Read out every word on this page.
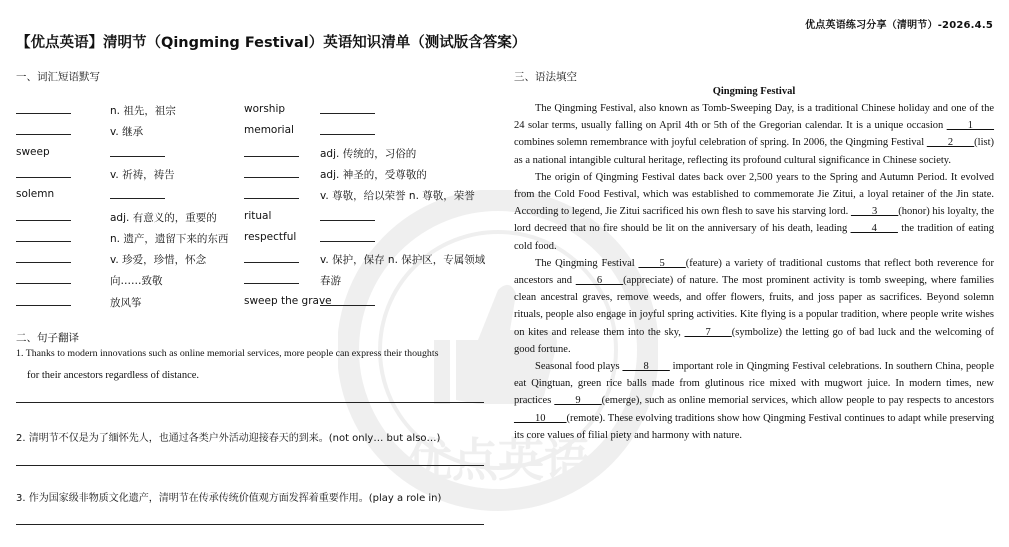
优点英语
优点英语练习分享（清明节）-2026.4.5
【优点英语】清明节（Qingming Festival）英语知识清单（测试版含答案）
一、词汇短语默写
n. 祖先，祖宗	worship
v. 继承	memorial
sweep	adj. 传统的，习俗的
v. 祈祷，祷告	adj. 神圣的，受尊敬的
solemn	v. 尊敬，给以荣誉 n. 尊敬，荣誉
adj. 有意义的，重要的	ritual
n. 遗产，遗留下来的东西 respectful
v. 珍爱，珍惜，怀念	v. 保护，保存 n. 保护区，专属领域
向……致敬	春游
放风筝	sweep the grave
二、句子翻译
1. Thanks to modern innovations such as online memorial services, more people can express their thoughts
for their ancestors regardless of distance.
2. 清明节不仅是为了缅怀先人，也通过各类户外活动迎接春天的到来。(not only… but also…)
3. 作为国家级非物质文化遗产，清明节在传承传统价值观方面发挥着重要作用。(play a role in)
三、语法填空
Qingming Festival

The Qingming Festival, also known as Tomb-Sweeping Day, is a traditional Chinese holiday and one of the 24 solar terms, usually falling on April 4th or 5th of the Gregorian calendar. It is a unique occasion ____1____ combines solemn remembrance with joyful celebration of spring. In 2006, the Qingming Festival ____2____(list) as a national intangible cultural heritage, reflecting its profound cultural significance in Chinese society.

The origin of Qingming Festival dates back over 2,500 years to the Spring and Autumn Period. It evolved from the Cold Food Festival, which was established to commemorate Jie Zitui, a loyal retainer of the Jin state. According to legend, Jie Zitui sacrificed his own flesh to save his starving lord. ____3____(honor) his loyalty, the lord decreed that no fire should be lit on the anniversary of his death, leading ____4____ the tradition of eating cold food.

The Qingming Festival ____5____(feature) a variety of traditional customs that reflect both reverence for ancestors and ____6____(appreciate) of nature. The most prominent activity is tomb sweeping, where families clean ancestral graves, remove weeds, and offer flowers, fruits, and joss paper as sacrifices. Beyond solemn rituals, people also engage in joyful spring activities. Kite flying is a popular tradition, where people write wishes on kites and release them into the sky, ____7____(symbolize) the letting go of bad luck and the welcoming of good fortune.

Seasonal food plays ____8____ important role in Qingming Festival celebrations. In southern China, people eat Qingtuan, green rice balls made from glutinous rice mixed with mugwort juice. In modern times, new practices ____9____(emerge), such as online memorial services, which allow people to pay respects to ancestors ____10____(remote). These evolving traditions show how Qingming Festival continues to adapt while preserving its core values of filial piety and harmony with nature.
